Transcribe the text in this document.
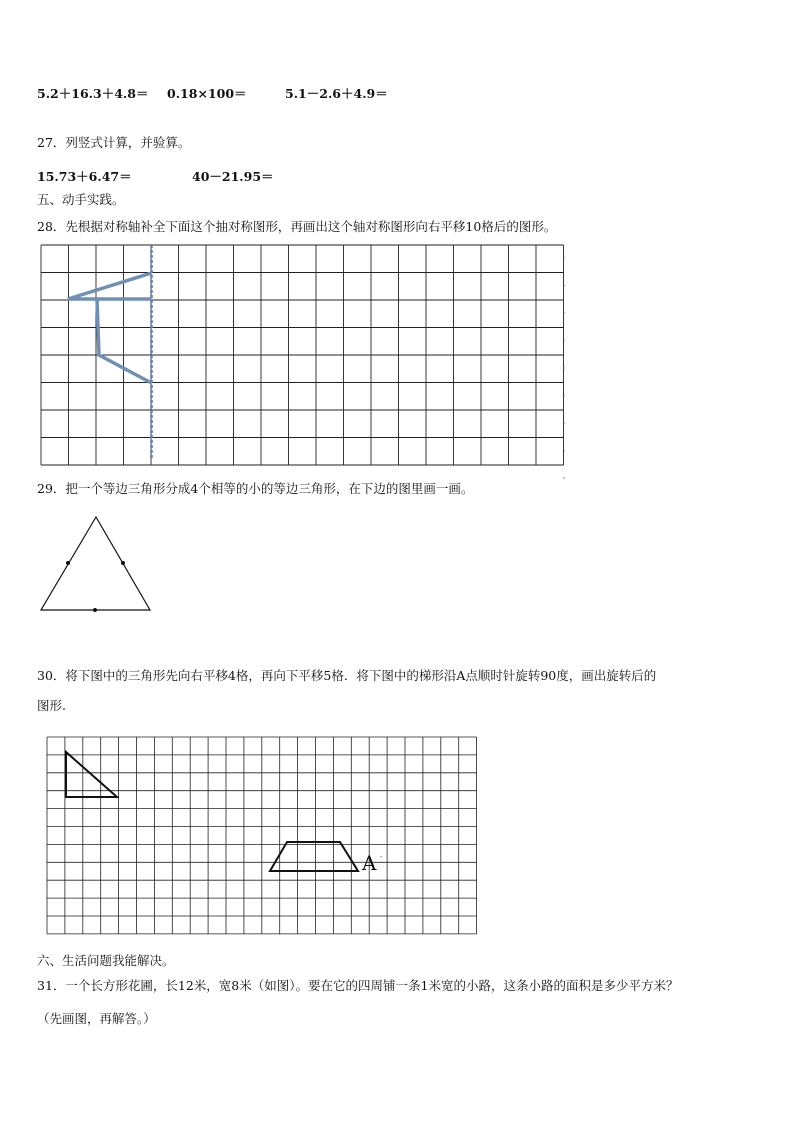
5.2＋16.3＋4.8＝ 0.18×100＝	5.1－2.6＋4.9＝
27．列竖式计算，并验算。
15.73＋6.47＝	40－21.95＝
五、动手实践。
28．先根据对称轴补全下面这个抽对称图形，再画出这个轴对称图形向右平移10格后的图形。
A ·
29．把一个等边三角形分成4个相等的小的等边三角形，在下边的图里画一画。
30．将下图中的三角形先向右平移4格，再向下平移5格．将下图中的梯形沿A点顺时针旋转90度，画出旋转后的
图形.
六、生活问题我能解决。
31．一个长方形花圃，长12米，宽8米（如图）。要在它的四周铺一条1米宽的小路，这条小路的面积是多少平方米？
（先画图，再解答。）
